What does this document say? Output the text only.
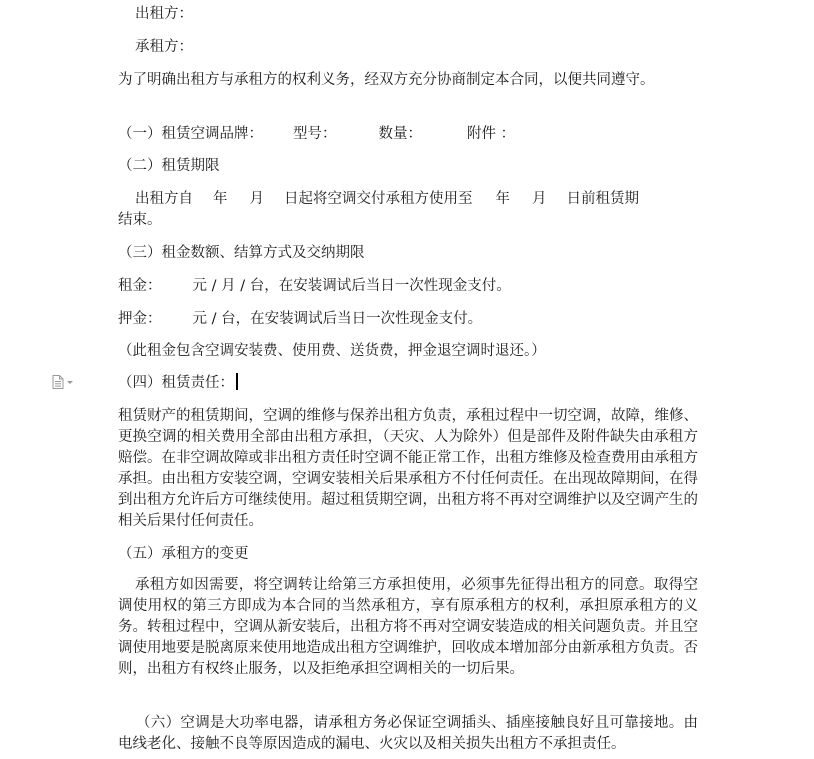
出租方：
承租方：
为了明确出租方与承租方的权利义务，经双方充分协商制定本合同，以便共同遵守。
（一）租赁空调品牌： 型号：	数量：	附件 ：
（二）租赁期限
出租方自 年 月 日起将空调交付承租方使用至 年 月 日前租赁期
结束。
（三）租金数额、结算方式及交纳期限
租金： 元 / 月 / 台，在安装调试后当日一次性现金支付。
押金： 元 / 台，在安装调试后当日一次性现金支付。
（此租金包含空调安装费、使用费、送货费，押金退空调时退还。）
（四）租赁责任：
租赁财产的租赁期间，空调的维修与保养出租方负责，承租过程中一切空调，故障，维修、更换空调的相关费用全部由出租方承担，（天灾、人为除外）但是部件及附件缺失由承租方赔偿。在非空调故障或非出租方责任时空调不能正常工作，出租方维修及检查费用由承租方承担。由出租方安装空调，空调安装相关后果承租方不付任何责任。在出现故障期间，在得到出租方允许后方可继续使用。超过租赁期空调，出租方将不再对空调维护以及空调产生的相关后果付任何责任。
（五）承租方的变更
承租方如因需要，将空调转让给第三方承担使用，必须事先征得出租方的同意。取得空调使用权的第三方即成为本合同的当然承租方，享有原承租方的权利，承担原承租方的义务。转租过程中，空调从新安装后，出租方将不再对空调安装造成的相关问题负责。并且空调使用地要是脱离原来使用地造成出租方空调维护，回收成本增加部分由新承租方负责。否则，出租方有权终止服务，以及拒绝承担空调相关的一切后果。
（六）空调是大功率电器，请承租方务必保证空调插头、插座接触良好且可靠接地。由电线老化、接触不良等原因造成的漏电、火灾以及相关损失出租方不承担责任。
